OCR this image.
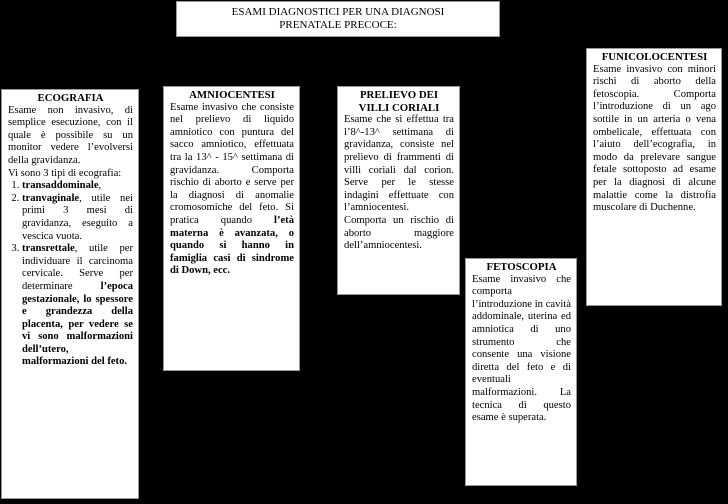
ESAMI DIAGNOSTICI PER UNA DIAGNOSI
PRENATALE PRECOCE:
ECOGRAFIA

Esame non invasivo, di semplice esecuzione, con il quale è possibile su un monitor vedere l’evolversi della gravidanza.

Vi sono 3 tipi di ecografia:

1. transaddominale,
2. tranvaginale, utile nei primi 3 mesi di gravidanza, eseguito a vescica vuota.
3. transrettale, utile per individuare il carcinoma cervicale. Serve per determinare l’epoca gestazionale, lo spessore e grandezza della placenta, per vedere se vi sono malformazioni dell’utero, malformazioni del feto.
AMNIOCENTESI

Esame invasivo che consiste nel prelievo di liquido amniotico con puntura del sacco amniotico, effettuata tra la 13^ - 15^ settimana di gravidanza. Comporta rischio di aborto e serve per la diagnosi di anomalie cromosomiche del feto. Si pratica quando l’età materna è avanzata, o quando si hanno in famiglia casi di sindrome di Down, ecc.

PRELIEVO DEI
VILLI CORIALI

Esame che si effettua tra l’8^-13^ settimana di gravidanza, consiste nel prelievo di frammenti di villi coriali dal corion. Serve per le stesse indagini effettuate con l’amniocentesi. Comporta un rischio di aborto maggiore dell’amniocentesi.

FETOSCOPIA

Esame invasivo che comporta l’introduzione in cavità addominale, uterina ed amniotica di uno strumento che consente una visione diretta del feto e di eventuali malformazioni. La tecnica di questo esame è superata.

FUNICOLOCENTESI

Esame invasivo con minori rischi di aborto della fetoscopia. Comporta l’introduzione di un ago sottile in un arteria o vena ombelicale, effettuata con l’aiuto dell’ecografia, in modo da prelevare sangue fetale sottoposto ad esame per la diagnosi di alcune malattie come la distrofia muscolare di Duchenne.
